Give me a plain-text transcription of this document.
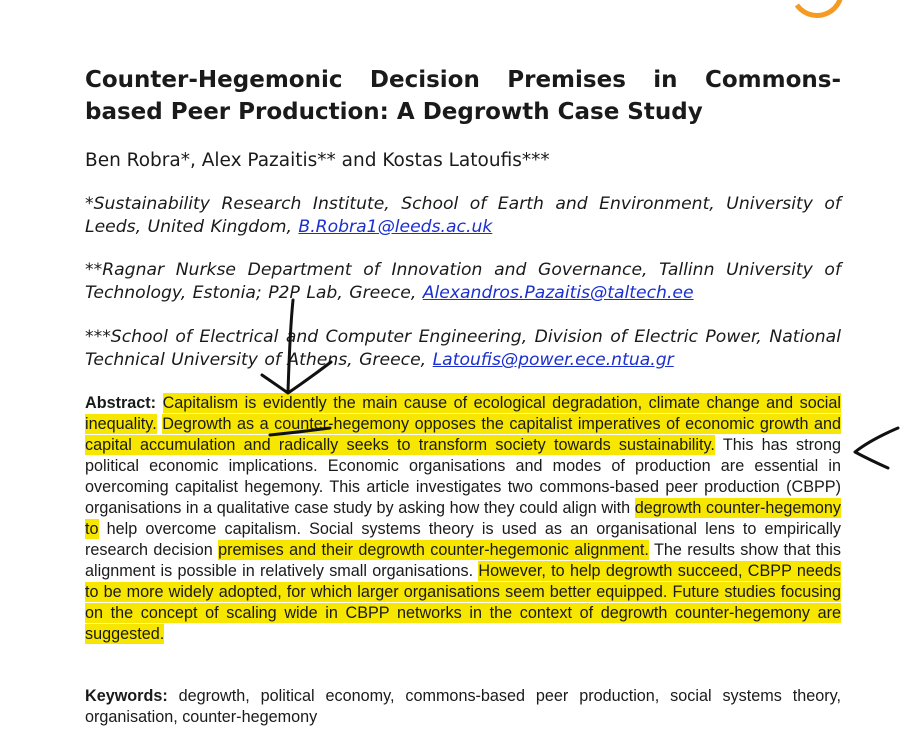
Counter-Hegemonic Decision Premises in Commons-based Peer Production: A Degrowth Case Study
Ben Robra*, Alex Pazaitis** and Kostas Latoufis***
*Sustainability Research Institute, School of Earth and Environment, University of Leeds, United Kingdom, B.Robra1@leeds.ac.uk
**Ragnar Nurkse Department of Innovation and Governance, Tallinn University of Technology, Estonia; P2P Lab, Greece, Alexandros.Pazaitis@taltech.ee
***School of Electrical and Computer Engineering, Division of Electric Power, National Technical University of Athens, Greece, Latoufis@power.ece.ntua.gr
Abstract: Capitalism is evidently the main cause of ecological degradation, climate change and social inequality. Degrowth as a counter-hegemony opposes the capitalist imperatives of economic growth and capital accumulation and radically seeks to transform society towards sustainability. This has strong political economic implications. Economic organisations and modes of production are essential in overcoming capitalist hegemony. This article investigates two commons-based peer production (CBPP) organisations in a qualitative case study by asking how they could align with degrowth counter-hegemony to help overcome capitalism. Social systems theory is used as an organisational lens to empirically research decision premises and their degrowth counter-hegemonic alignment. The results show that this alignment is possible in relatively small organisations. However, to help degrowth succeed, CBPP needs to be more widely adopted, for which larger organisations seem better equipped. Future studies focusing on the concept of scaling wide in CBPP networks in the context of degrowth counter-hegemony are suggested.
Keywords: degrowth, political economy, commons-based peer production, social systems theory, organisation, counter-hegemony
